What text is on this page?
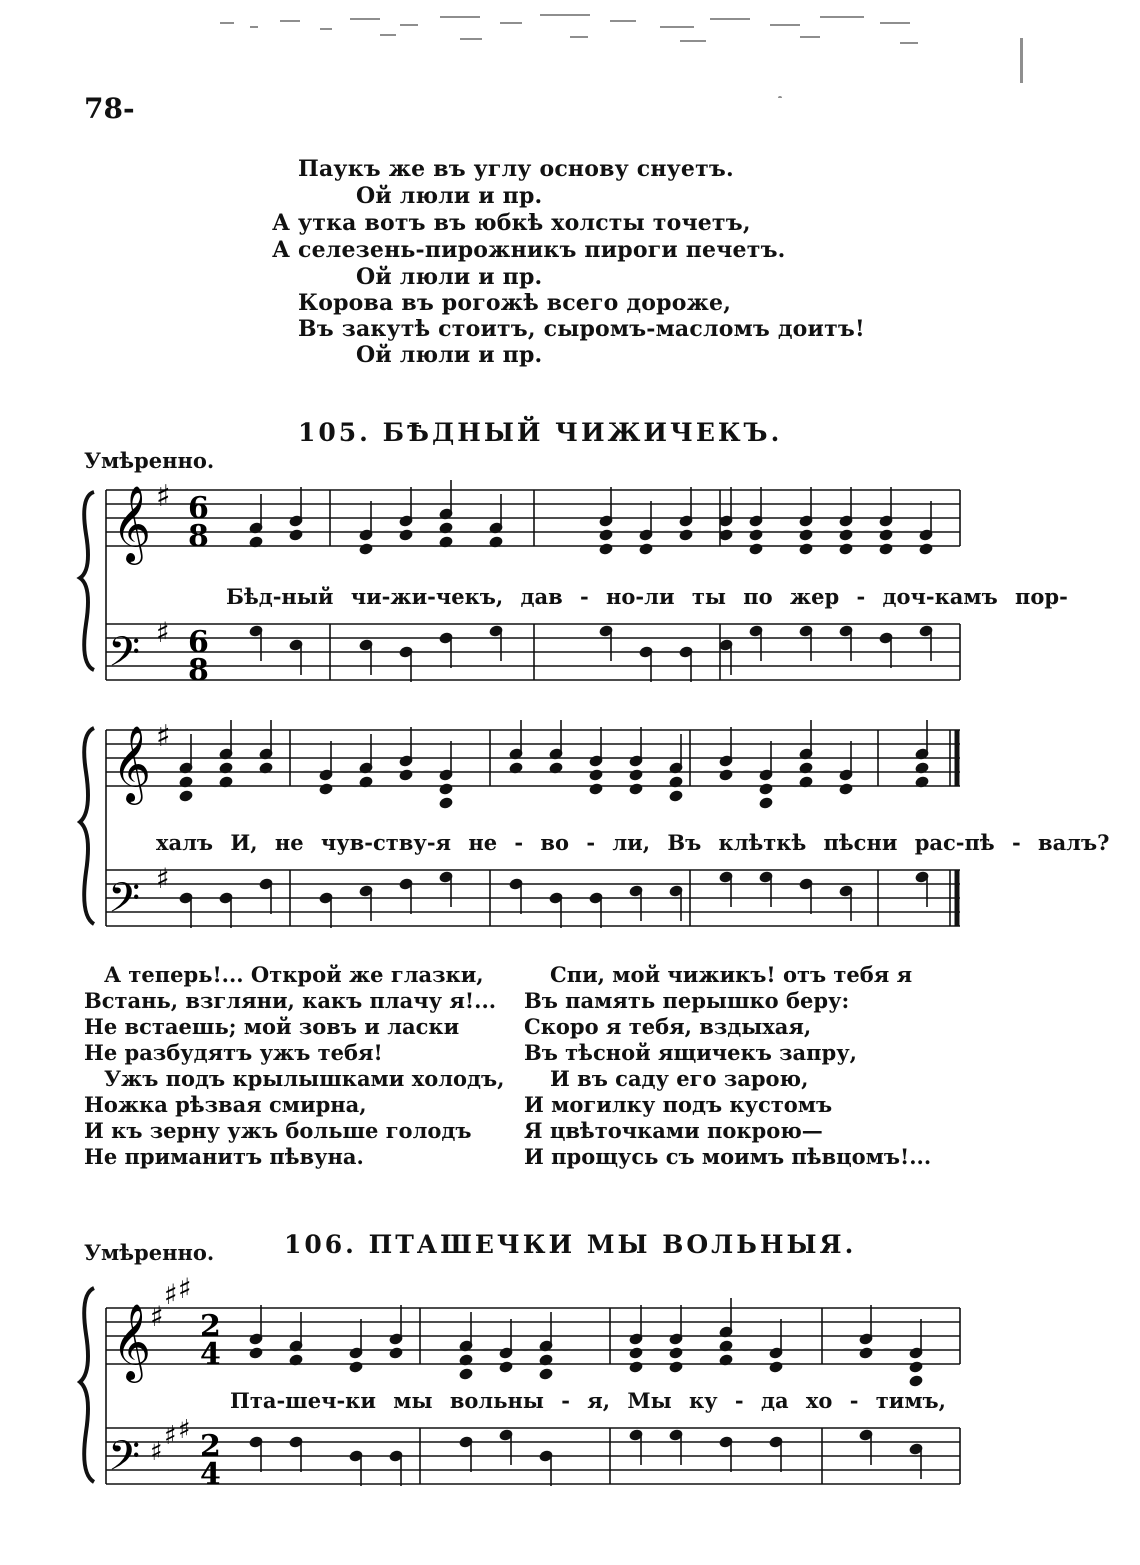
78-
Паукъ же въ углу основу снуетъ.
Ой люли и пр.
А утка вотъ въ юбкѣ холсты точетъ,
А селезень-пирожникъ пироги печетъ.
Ой люли и пр.
Корова въ рогожѣ всего дороже,
Въ закутѣ стоитъ, сыромъ-масломъ доитъ!
Ой люли и пр.
105. БѢДНЫЙ ЧИЖИЧЕКЪ.
Умѣренно.
𝄞 ♯ 6
8
𝄢 ♯ 6
8
Бѣд-ный чи-жи-чекъ, дав - но-ли ты по жер - доч-камъ пор-
𝄞 ♯
𝄢 ♯
халъ И, не чув-ству-я не - во - ли, Въ клѣткѣ пѣсни рас-пѣ - валъ?
А теперь!... Открой же глазки,
Встань, взгляни, какъ плачу я!...
Не встаешь; мой зовъ и ласки
Не разбудятъ ужъ тебя!
Ужъ подъ крылышками холодъ,
Ножка рѣзвая смирна,
И къ зерну ужъ больше голодъ
Не приманитъ пѣвуна.
Спи, мой чижикъ! отъ тебя я
Въ память перышко беру:
Скоро я тебя, вздыхая,
Въ тѣсной ящичекъ запру,
И въ саду его зарою,
И могилку подъ кустомъ
Я цвѣточками покрою—
И прощусь съ моимъ пѣвцомъ!...
106. ПТАШЕЧКИ МЫ ВОЛЬНЫЯ.
Умѣренно.
𝄞
♯
♯ ♯
2
4
𝄢 ♯
♯ ♯ 2
4
Пта-шеч-ки мы вольны - я, Мы ку - да хо - тимъ,
